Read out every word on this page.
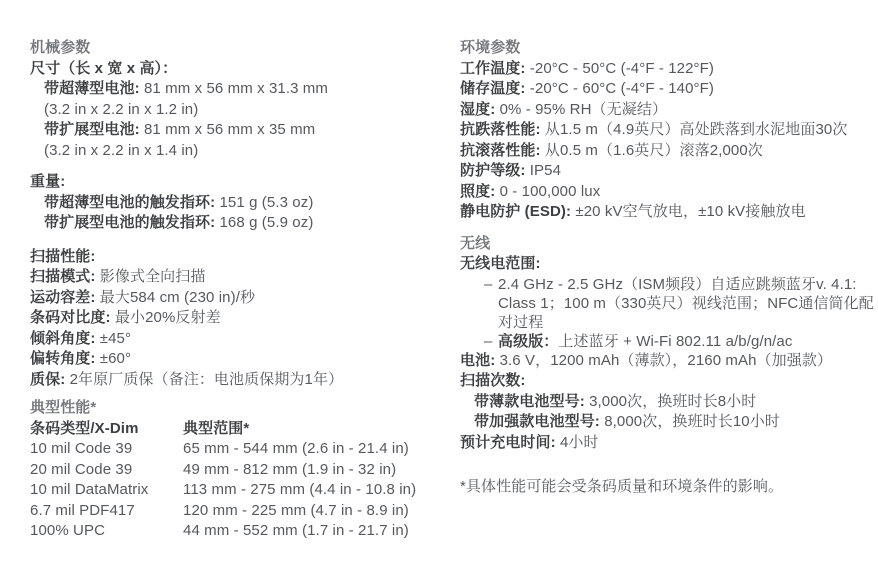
机械参数
尺寸（长 x 宽 x 高）：
带超薄型电池: 81 mm x 56 mm x 31.3 mm
(3.2 in x 2.2 in x 1.2 in)
带扩展型电池: 81 mm x 56 mm x 35 mm
(3.2 in x 2.2 in x 1.4 in)
重量:
带超薄型电池的触发指环: 151 g (5.3 oz)
带扩展型电池的触发指环: 168 g (5.9 oz)
扫描性能:
扫描模式: 影像式全向扫描
运动容差: 最大584 cm (230 in)/秒
条码对比度: 最小20%反射差
倾斜角度: ±45°
偏转角度: ±60°
质保: 2年原厂质保（备注：电池质保期为1年）
典型性能*
条码类型/X-Dim	典型范围*
10 mil Code 39	65 mm - 544 mm (2.6 in - 21.4 in)
20 mil Code 39	49 mm - 812 mm (1.9 in - 32 in)
10 mil DataMatrix	113 mm - 275 mm (4.4 in - 10.8 in)
6.7 mil PDF417	120 mm - 225 mm (4.7 in - 8.9 in)
100% UPC	44 mm - 552 mm (1.7 in - 21.7 in)
环境参数
工作温度: -20°C - 50°C (-4°F - 122°F)
储存温度: -20°C - 60°C (-4°F - 140°F)
湿度: 0% - 95% RH（无凝结）
抗跌落性能: 从1.5 m（4.9英尺）高处跌落到水泥地面30次
抗滚落性能: 从0.5 m（1.6英尺）滚落2,000次
防护等级: IP54
照度: 0 - 100,000 lux
静电防护 (ESD): ±20 kV空气放电，±10 kV接触放电
无线
无线电范围:
– 2.4 GHz - 2.5 GHz（ISM频段）自适应跳频蓝牙v. 4.1: Class 1；100 m（330英尺）视线范围；NFC通信简化配对过程
– 高级版：上述蓝牙 + Wi-Fi 802.11 a/b/g/n/ac
电池: 3.6 V，1200 mAh（薄款），2160 mAh（加强款）
扫描次数:
带薄款电池型号: 3,000次，换班时长8小时
带加强款电池型号: 8,000次，换班时长10小时
预计充电时间: 4小时
*具体性能可能会受条码质量和环境条件的影响。
